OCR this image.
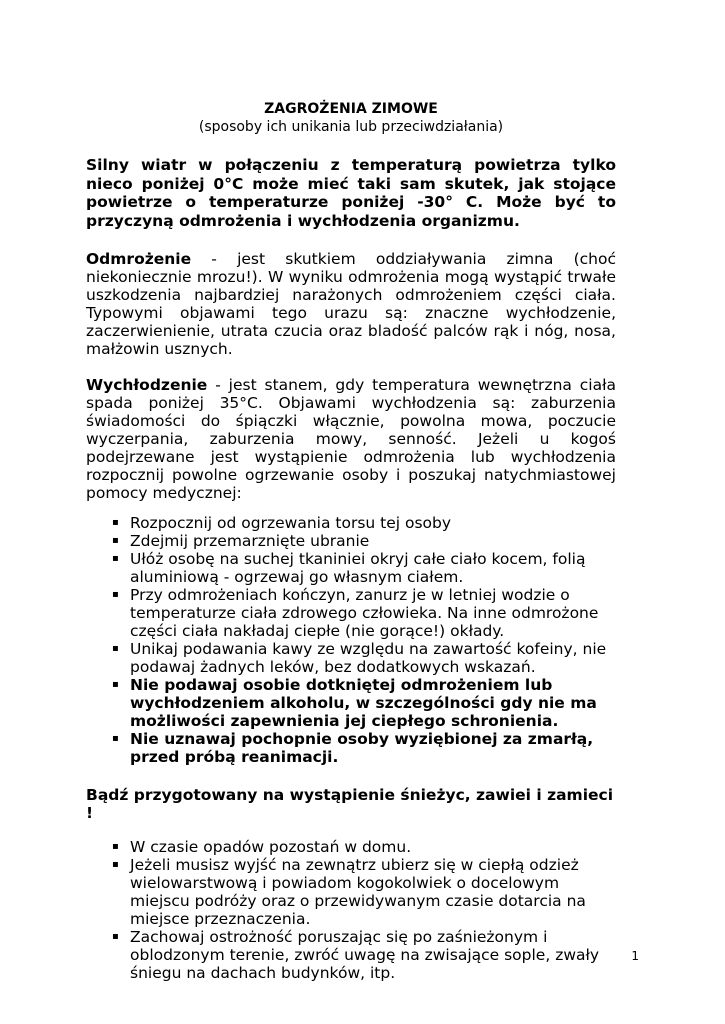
ZAGROŻENIA ZIMOWE

(sposoby ich unikania lub przeciwdziałania)

Silny wiatr w połączeniu z temperaturą powietrza tylko nieco poniżej 0°C może mieć taki sam skutek, jak stojące powietrze o temperaturze poniżej -30° C. Może być to przyczyną odmrożenia i wychłodzenia organizmu.

Odmrożenie - jest skutkiem oddziaływania zimna (choć niekoniecznie mrozu!). W wyniku odmrożenia mogą wystąpić trwałe uszkodzenia najbardziej narażonych odmrożeniem części ciała. Typowymi objawami tego urazu są: znaczne wychłodzenie, zaczerwienienie, utrata czucia oraz bladość palców rąk i nóg, nosa, małżowin usznych.

Wychłodzenie - jest stanem, gdy temperatura wewnętrzna ciała spada poniżej 35°C. Objawami wychłodzenia są: zaburzenia świadomości do śpiączki włącznie, powolna mowa, poczucie wyczerpania, zaburzenia mowy, senność. Jeżeli u kogoś podejrzewane jest wystąpienie odmrożenia lub wychłodzenia rozpocznij powolne ogrzewanie osoby i poszukaj natychmiastowej pomocy medycznej:

▪ Rozpocznij od ogrzewania torsu tej osoby
▪ Zdejmij przemarznięte ubranie
▪ Ułóż osobę na suchej tkaniniei okryj całe ciało kocem, folią aluminiową - ogrzewaj go własnym ciałem.
▪ Przy odmrożeniach kończyn, zanurz je w letniej wodzie o temperaturze ciała zdrowego człowieka. Na inne odmrożone części ciała nakładaj ciepłe (nie gorące!) okłady.
▪ Unikaj podawania kawy ze względu na zawartość kofeiny, nie podawaj żadnych leków, bez dodatkowych wskazań.
▪ Nie podawaj osobie dotkniętej odmrożeniem lub wychłodzeniem alkoholu, w szczególności gdy nie ma możliwości zapewnienia jej ciepłego schronienia.
▪ Nie uznawaj pochopnie osoby wyziębionej za zmarłą, przed próbą reanimacji.

Bądź przygotowany na wystąpienie śnieżyc, zawiei i zamieci !

▪ W czasie opadów pozostań w domu.
▪ Jeżeli musisz wyjść na zewnątrz ubierz się w ciepłą odzież wielowarstwową i powiadom kogokolwiek o docelowym miejscu podróży oraz o przewidywanym czasie dotarcia na miejsce przeznaczenia.
▪ Zachowaj ostrożność poruszając się po zaśnieżonym i oblodzonym terenie, zwróć uwagę na zwisające sople, zwały śniegu na dachach budynków, itp.
1
